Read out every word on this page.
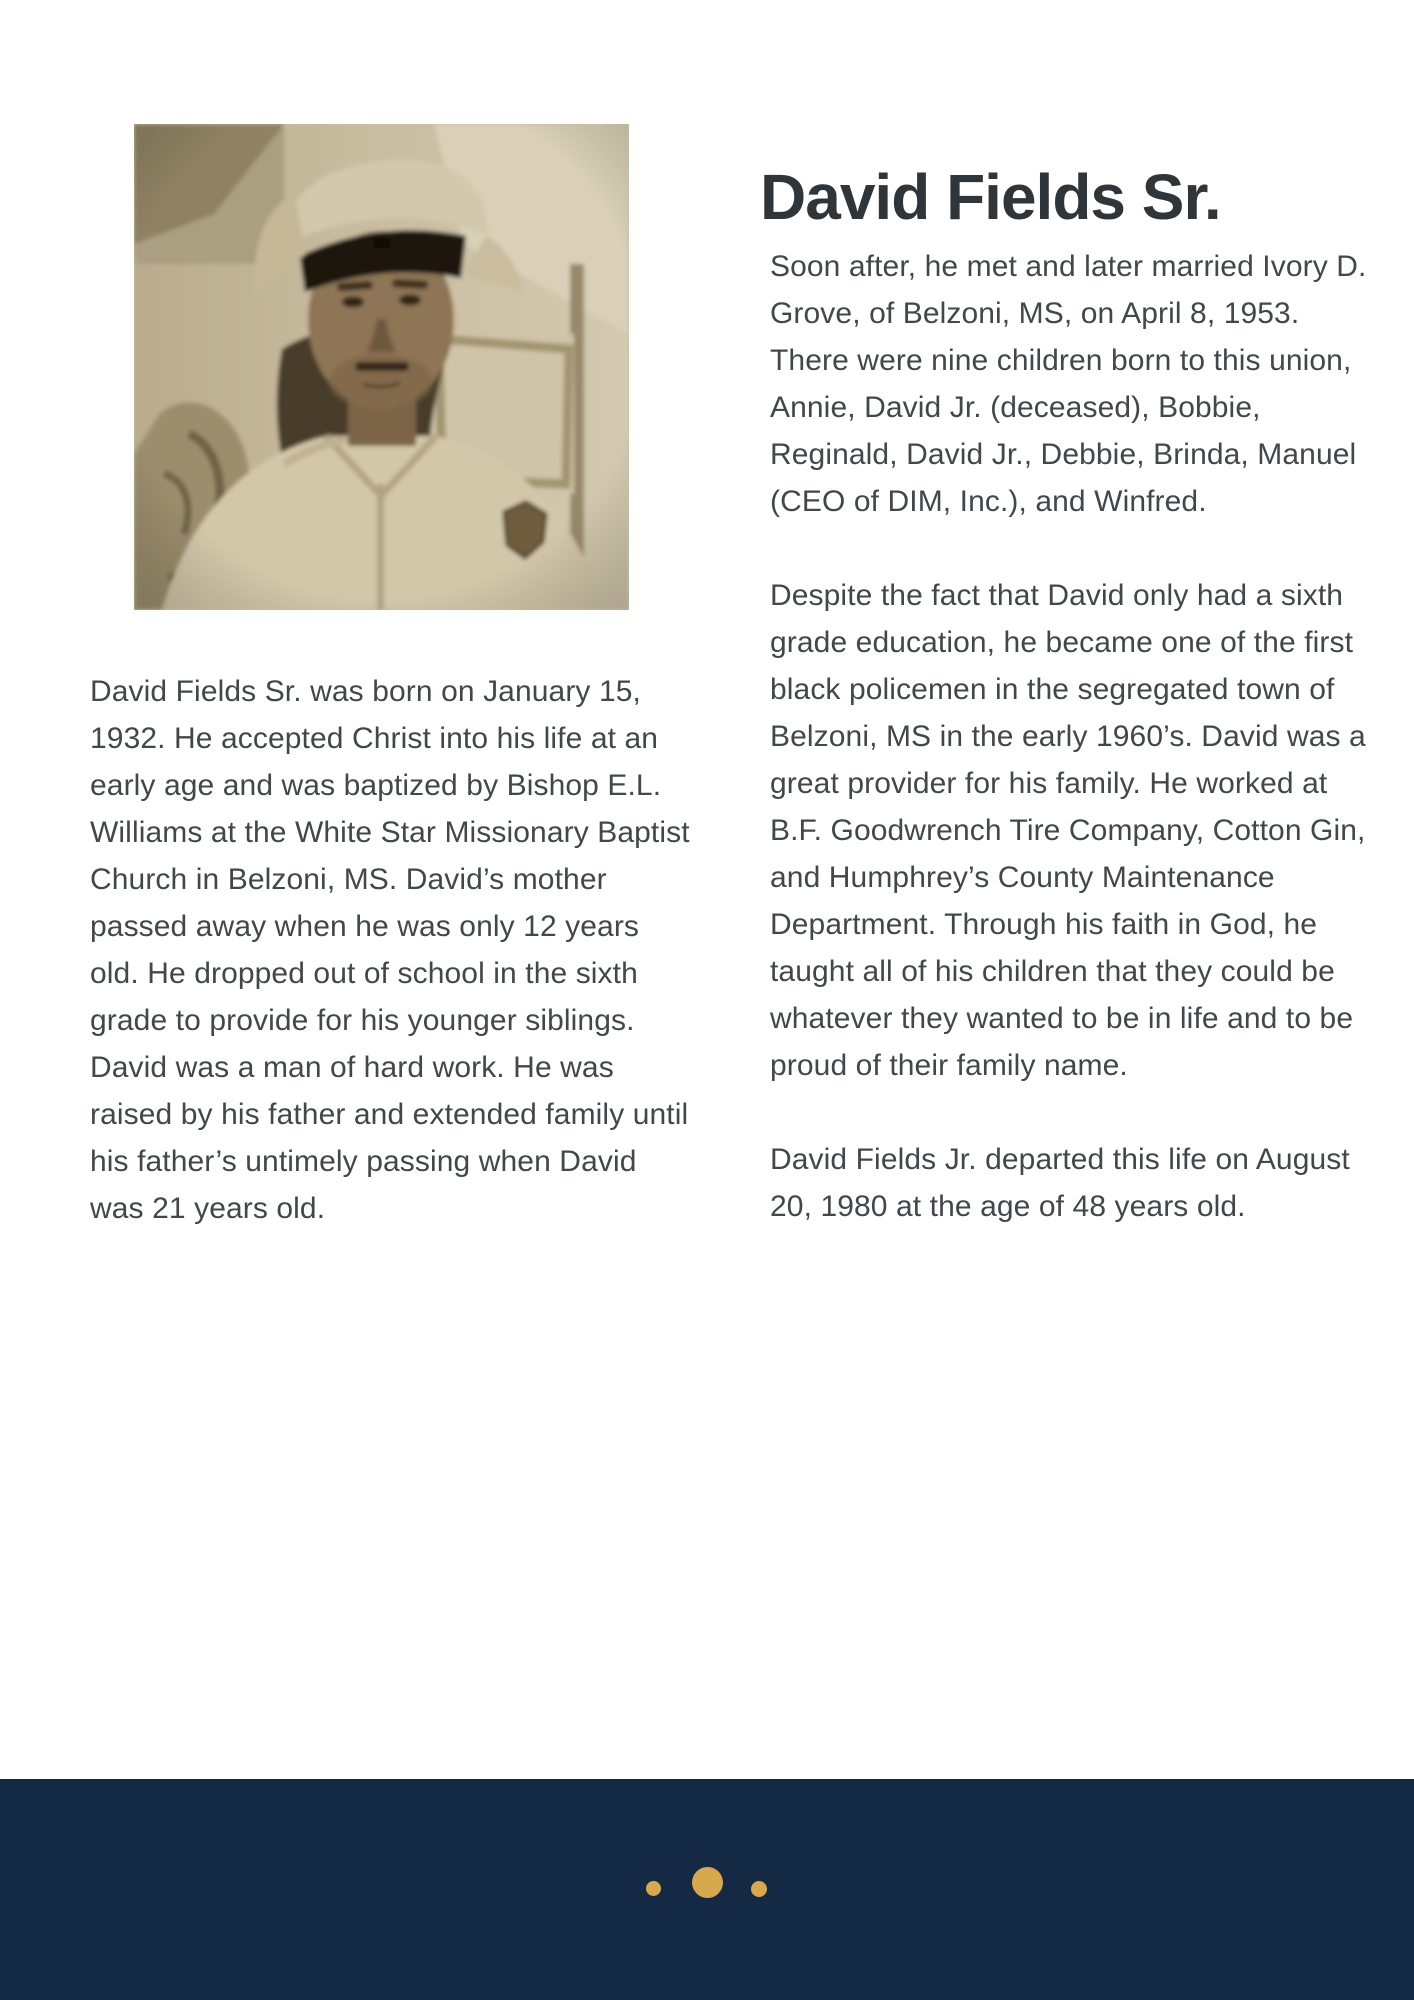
David Fields Sr.

David Fields Sr. was born on January 15, 1932. He accepted Christ into his life at an early age and was baptized by Bishop E.L. Williams at the White Star Missionary Baptist Church in Belzoni, MS. David’s mother passed away when he was only 12 years old. He dropped out of school in the sixth grade to provide for his younger siblings. David was a man of hard work. He was raised by his father and extended family until his father’s untimely passing when David was 21 years old.

Soon after, he met and later married Ivory D. Grove, of Belzoni, MS, on April 8, 1953. There were nine children born to this union, Annie, David Jr. (deceased), Bobbie, Reginald, David Jr., Debbie, Brinda, Manuel (CEO of DIM, Inc.), and Winfred.

Despite the fact that David only had a sixth grade education, he became one of the first black policemen in the segregated town of Belzoni, MS in the early 1960’s. David was a great provider for his family. He worked at B.F. Goodwrench Tire Company, Cotton Gin, and Humphrey’s County Maintenance Department. Through his faith in God, he taught all of his children that they could be whatever they wanted to be in life and to be proud of their family name.

David Fields Jr. departed this life on August 20, 1980 at the age of 48 years old.
